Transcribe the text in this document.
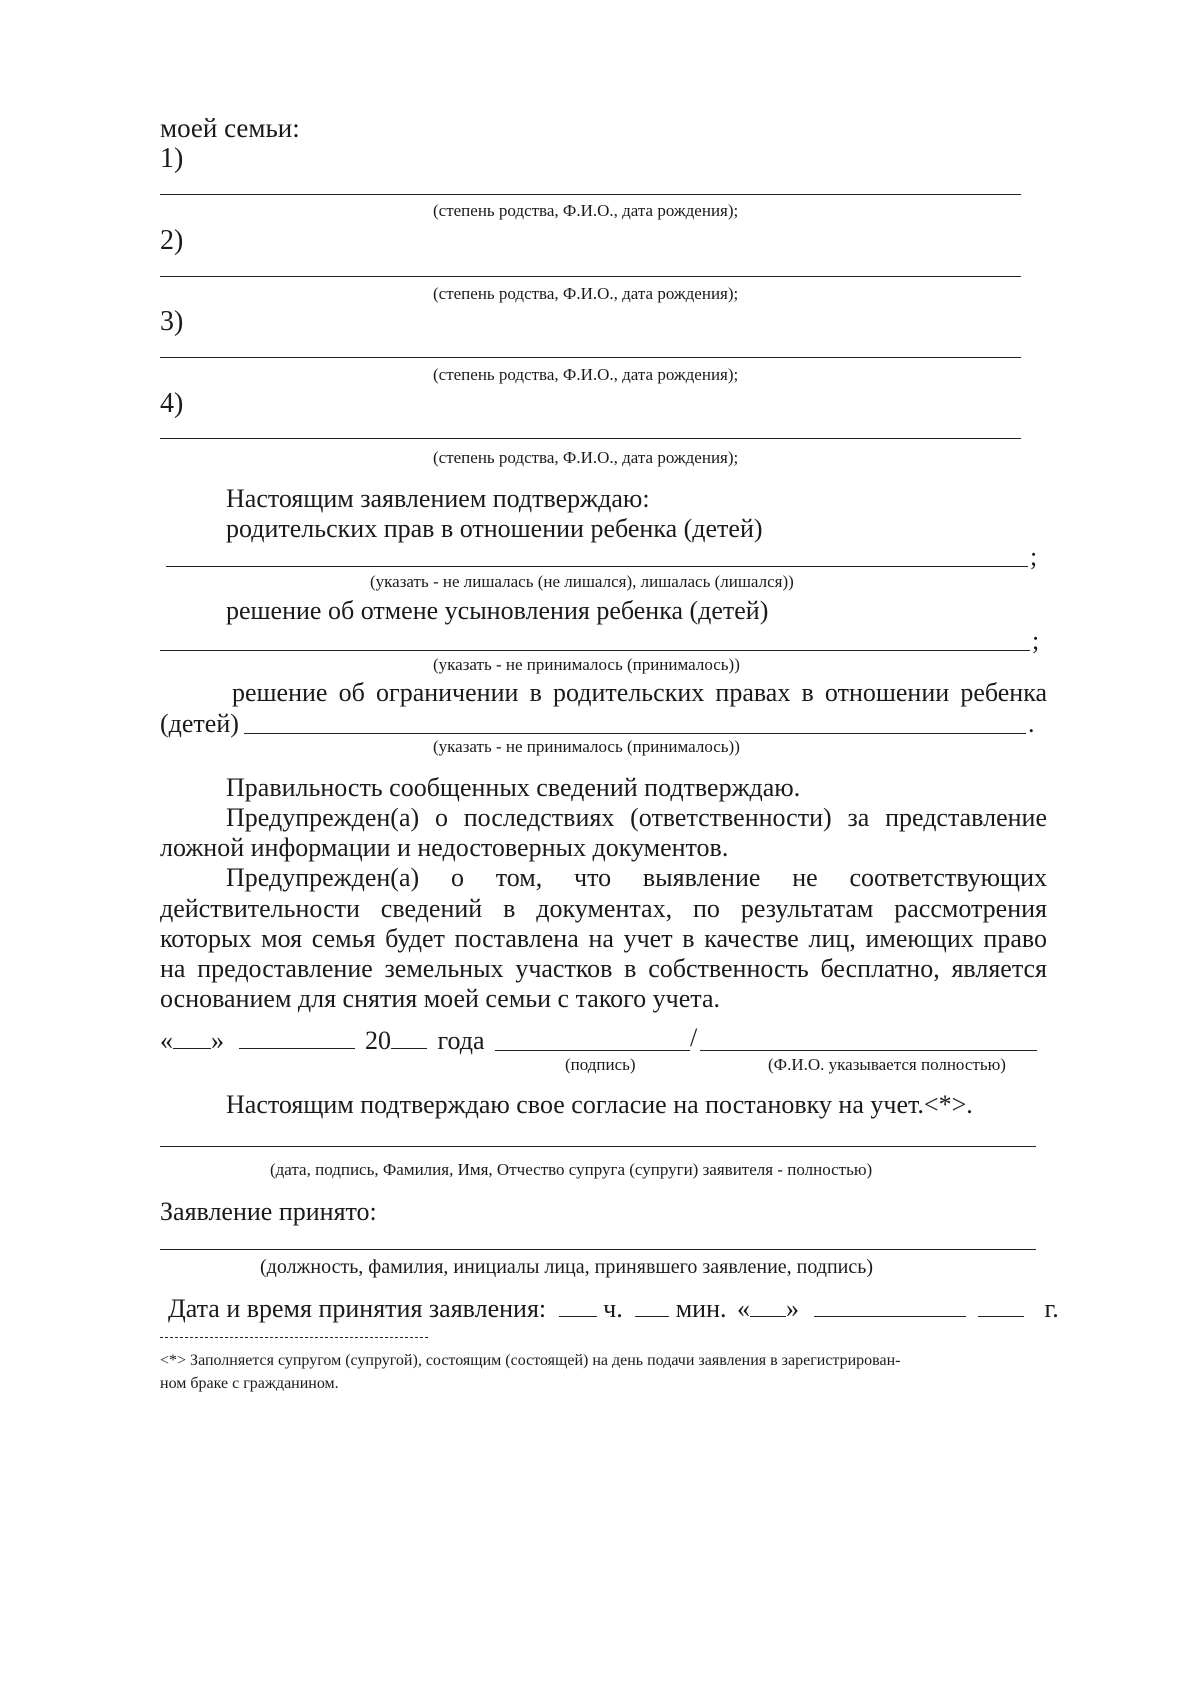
моей семьи:
1)
(степень родства, Ф.И.О., дата рождения);
2)
(степень родства, Ф.И.О., дата рождения);
3)
(степень родства, Ф.И.О., дата рождения);
4)
(степень родства, Ф.И.О., дата рождения);
Настоящим заявлением подтверждаю:
родительских прав в отношении ребенка (детей)
;
(указать - не лишалась (не лишался), лишалась (лишался))
решение об отмене усыновления ребенка (детей)
;
(указать - не принималось (принималось))
решение об ограничении в родительских правах в отношении ребенка
(детей)	.
(указать - не принималось (принималось))
Правильность сообщенных сведений подтверждаю.
Предупрежден(а) о последствиях (ответственности) за представление
ложной информации и недостоверных документов.
Предупрежден(а) о том, что выявление не соответствующих
действительности сведений в документах, по результатам рассмотрения
которых моя семья будет поставлена на учет в качестве лиц, имеющих право
на предоставление земельных участков в собственность бесплатно, является
основанием для снятия моей семьи с такого учета.
« »	20 года	/
(подпись)	(Ф.И.О. указывается полностью)
Настоящим подтверждаю свое согласие на постановку на учет.<*>.
(дата, подпись, Фамилия, Имя, Отчество супруга (супруги) заявителя - полностью)
Заявление принято:
(должность, фамилия, инициалы лица, принявшего заявление, подпись)
Дата и время принятия заявления: ч. мин. « »	г.
<*> Заполняется супругом (супругой), состоящим (состоящей) на день подачи заявления в зарегистрирован-
ном браке с гражданином.
